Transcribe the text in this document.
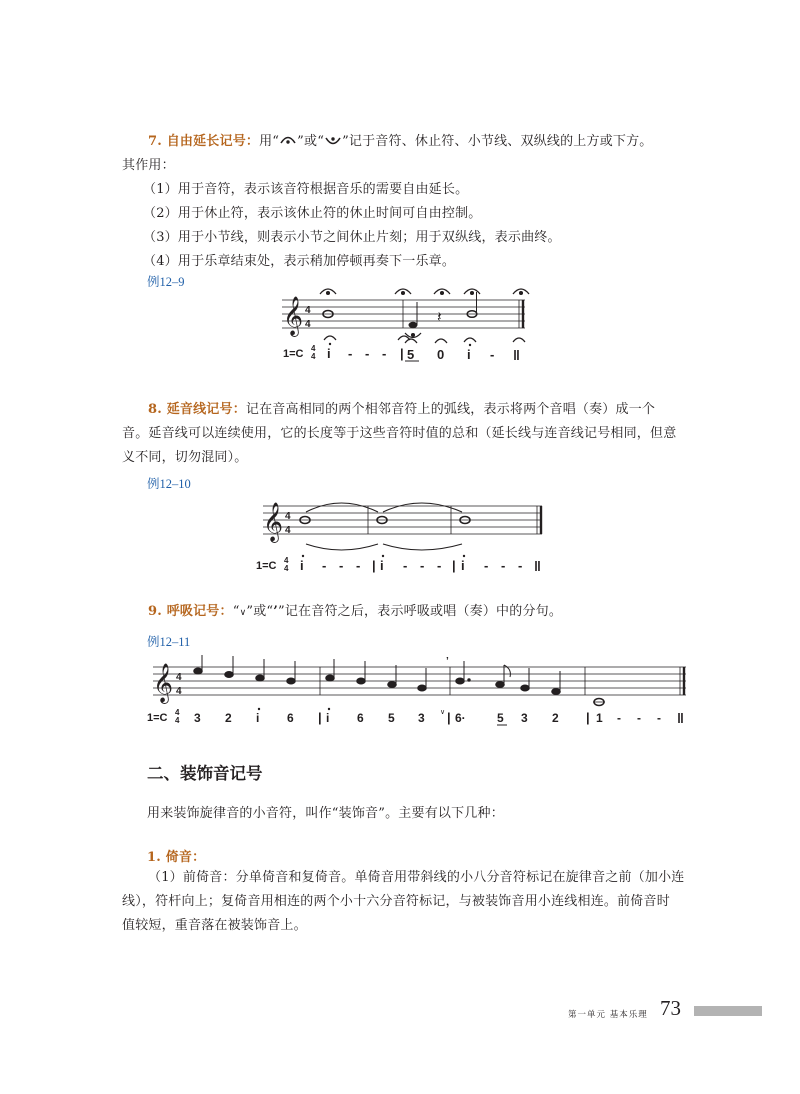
7. 自由延长记号：用“ ”或“ ”记于音符、休止符、小节线、双纵线的上方或下方。
其作用：

（1）用于音符，表示该音符根据音乐的需要自由延长。

（2）用于休止符，表示该休止符的休止时间可自由控制。

（3）用于小节线，则表示小节之间休止片刻；用于双纵线，表示曲终。

（4）用于乐章结束处，表示稍加停顿再奏下一乐章。

例12–9
𝄞 4
4	𝄽
1=C 4
4 i - - - | 5 0 i - ‖

8. 延音线记号：记在音高相同的两个相邻音符上的弧线，表示将两个音唱（奏）成一个
音。延音线可以连续使用，它的长度等于这些音符时值的总和（延长线与连音线记号相同，但意
义不同，切勿混同）。

例12–10
𝄞 4
4
1=C 4
4 i - - - | i - - - | i - - - ‖

9. 呼吸记号：“∨”或“’”记在音符之后，表示呼吸或唱（奏）中的分句。

例12–11
𝄞 4
4
’
1=C 4
4 3 2 i 6 | i 6 5 3 ∨ | 6·	5 3 2 | 1 - - - ‖
二、装饰音记号

用来装饰旋律音的小音符，叫作“装饰音”。主要有以下几种：

1. 倚音：

（1）前倚音：分单倚音和复倚音。单倚音用带斜线的小八分音符标记在旋律音之前（加小连
线），符杆向上；复倚音用相连的两个小十六分音符标记，与被装饰音用小连线相连。前倚音时
值较短，重音落在被装饰音上。

第一单元 基本乐理 73
